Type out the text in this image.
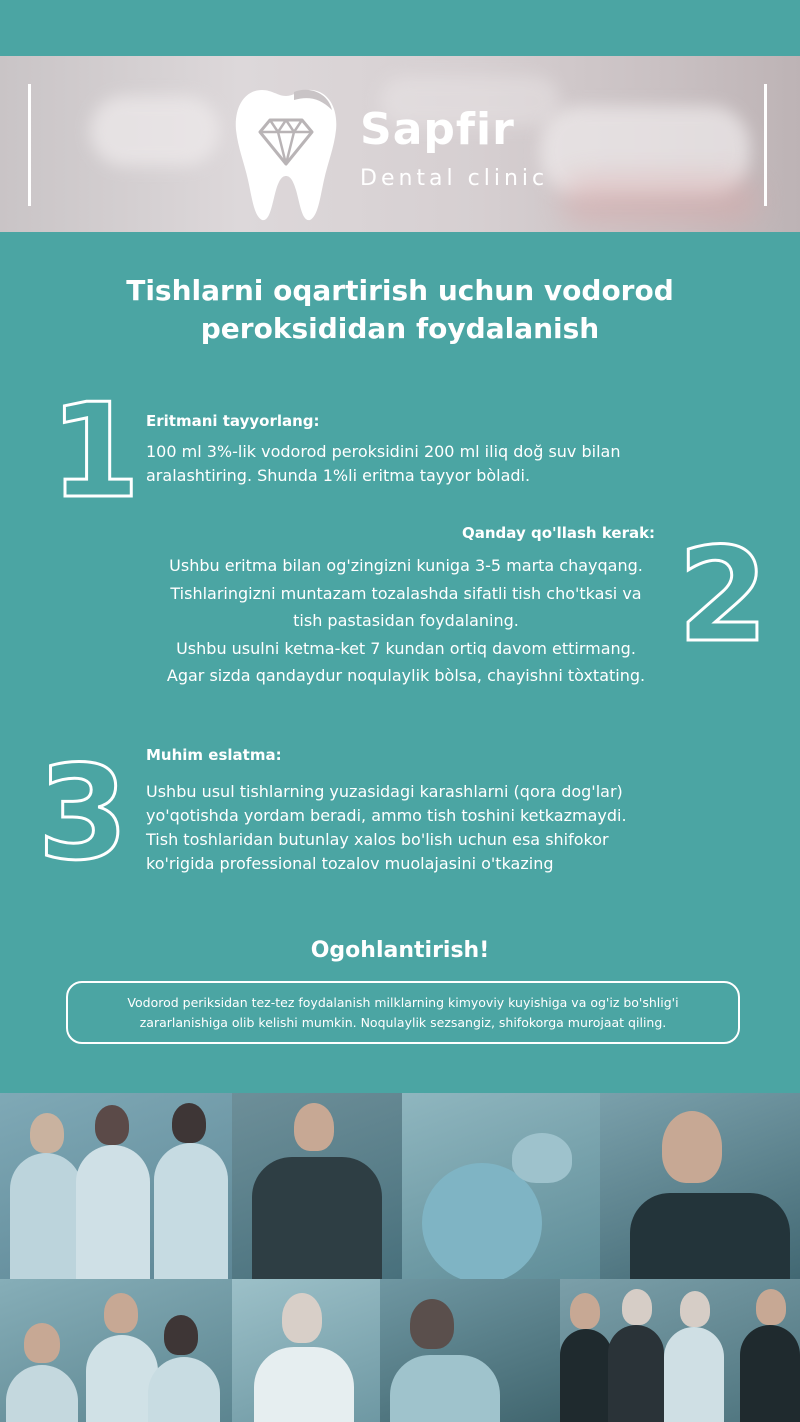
Sapfir
Dental clinic
Tishlarni oqartirish uchun vodorod peroksididan foydalanish
1 Eritmani tayyorlang:

100 ml 3%-lik vodorod peroksidini 200 ml iliq doğ suv bilan

aralashtiring. Shunda 1%li eritma tayyor bòladi.

2
Qanday qo'llash kerak:

Ushbu eritma bilan og'zingizni kuniga 3-5 marta chayqang.

Tishlaringizni muntazam tozalashda sifatli tish cho'tkasi va

tish pastasidan foydalaning.

Ushbu usulni ketma-ket 7 kundan ortiq davom ettirmang.

Agar sizda qandaydur noqulaylik bòlsa, chayishni tòxtating.

3 Muhim eslatma:

Ushbu usul tishlarning yuzasidagi karashlarni (qora dog'lar)

yo'qotishda yordam beradi, ammo tish toshini ketkazmaydi.

Tish toshlaridan butunlay xalos bo'lish uchun esa shifokor

ko'rigida professional tozalov muolajasini o'tkazing

Ogohlantirish!
Vodorod periksidan tez-tez foydalanish milklarning kimyoviy kuyishiga va og'iz bo'shlig'i zararlanishiga olib kelishi mumkin. Noqulaylik sezsangiz, shifokorga murojaat qiling.
